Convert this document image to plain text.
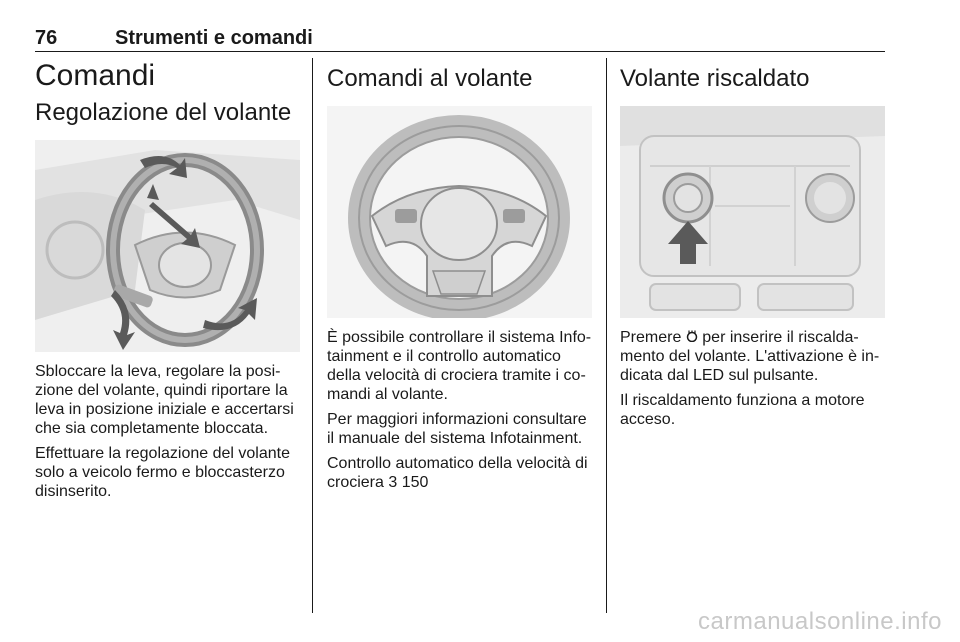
76	Strumenti e comandi
Comandi
Regolazione del volante

Sbloccare la leva, regolare la posi-zione del volante, quindi riportare la leva in posizione iniziale e accertarsi che sia completamente bloccata.

Effettuare la regolazione del volante solo a veicolo fermo e bloccasterzo disinserito.

Comandi al volante

È possibile controllare il sistema Info-tainment e il controllo automatico della velocità di crociera tramite i co-mandi al volante.

Per maggiori informazioni consultare il manuale del sistema Infotainment.

Controllo automatico della velocità di crociera 3 150

Volante riscaldato

Premere per inserire il riscalda-mento del volante. L'attivazione è in-dicata dal LED sul pulsante.

Il riscaldamento funziona a motore acceso.

carmanualsonline.info
